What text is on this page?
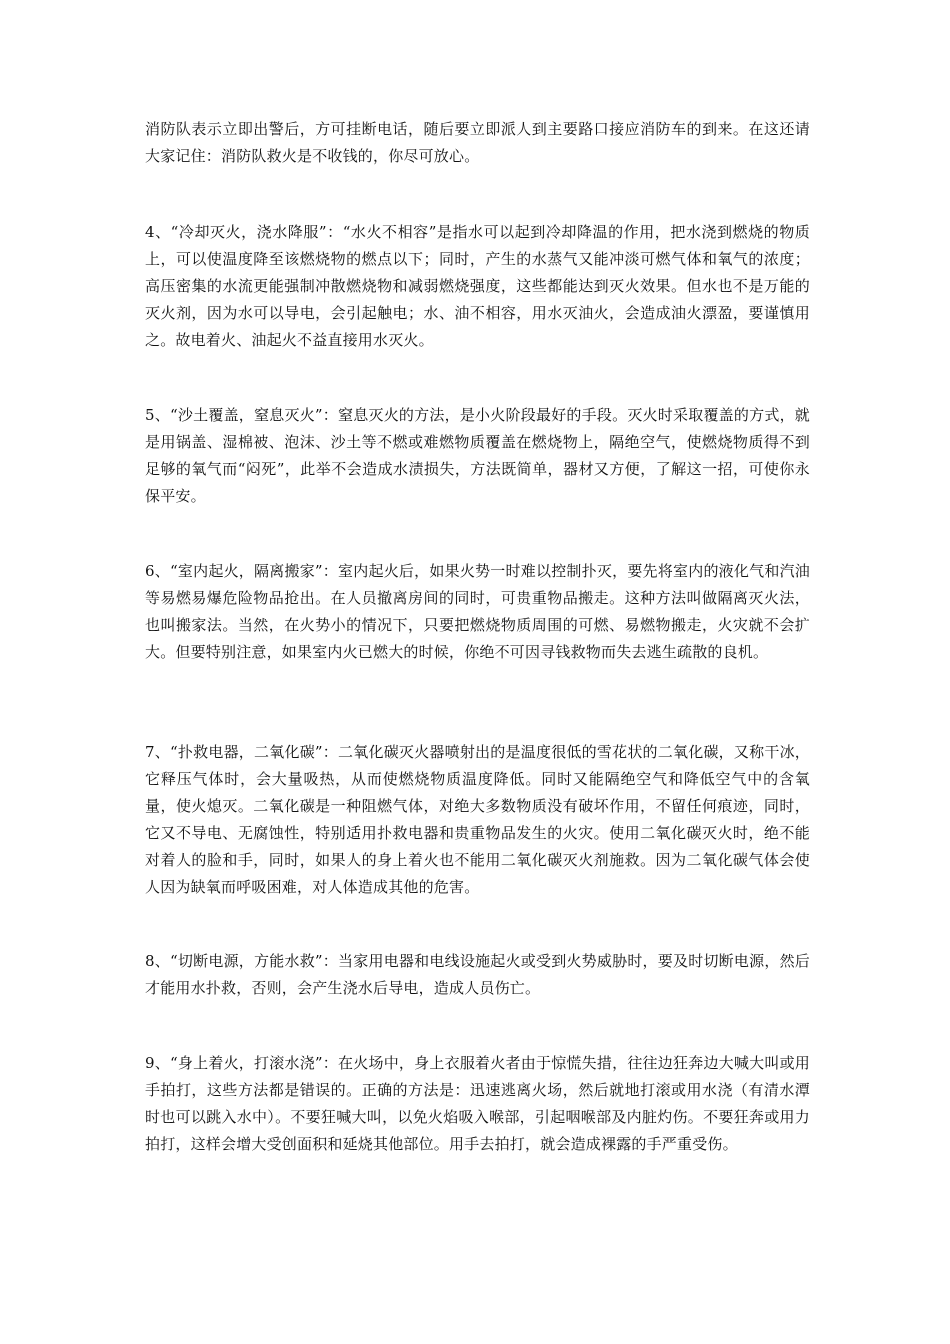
消防队表示立即出警后，方可挂断电话，随后要立即派人到主要路口接应消防车的到来。在这还请大家记住：消防队救火是不收钱的，你尽可放心。

4、“冷却灭火，浇水降服”：“水火不相容”是指水可以起到冷却降温的作用，把水浇到燃烧的物质上，可以使温度降至该燃烧物的燃点以下；同时，产生的水蒸气又能冲淡可燃气体和氧气的浓度；高压密集的水流更能强制冲散燃烧物和减弱燃烧强度，这些都能达到灭火效果。但水也不是万能的灭火剂，因为水可以导电，会引起触电；水、油不相容，用水灭油火，会造成油火漂盈，要谨慎用之。故电着火、油起火不益直接用水灭火。

5、“沙土覆盖，窒息灭火”：窒息灭火的方法，是小火阶段最好的手段。灭火时采取覆盖的方式，就是用锅盖、湿棉被、泡沫、沙土等不燃或难燃物质覆盖在燃烧物上，隔绝空气，使燃烧物质得不到足够的氧气而“闷死”，此举不会造成水渍损失，方法既简单，器材又方便，了解这一招，可使你永保平安。

6、“室内起火，隔离搬家”：室内起火后，如果火势一时难以控制扑灭，要先将室内的液化气和汽油等易燃易爆危险物品抢出。在人员撤离房间的同时，可贵重物品搬走。这种方法叫做隔离灭火法，也叫搬家法。当然，在火势小的情况下，只要把燃烧物质周围的可燃、易燃物搬走，火灾就不会扩大。但要特别注意，如果室内火已燃大的时候，你绝不可因寻钱救物而失去逃生疏散的良机。

7、“扑救电器，二氧化碳”：二氧化碳灭火器喷射出的是温度很低的雪花状的二氧化碳，又称干冰，它释压气体时，会大量吸热，从而使燃烧物质温度降低。同时又能隔绝空气和降低空气中的含氧量，使火熄灭。二氧化碳是一种阻燃气体，对绝大多数物质没有破坏作用，不留任何痕迹，同时，它又不导电、无腐蚀性，特别适用扑救电器和贵重物品发生的火灾。使用二氧化碳灭火时，绝不能对着人的脸和手，同时，如果人的身上着火也不能用二氧化碳灭火剂施救。因为二氧化碳气体会使人因为缺氧而呼吸困难，对人体造成其他的危害。

8、“切断电源，方能水救”：当家用电器和电线设施起火或受到火势威胁时，要及时切断电源，然后才能用水扑救，否则，会产生浇水后导电，造成人员伤亡。

9、“身上着火，打滚水浇”：在火场中，身上衣服着火者由于惊慌失措，往往边狂奔边大喊大叫或用手拍打，这些方法都是错误的。正确的方法是：迅速逃离火场，然后就地打滚或用水浇（有清水潭时也可以跳入水中）。不要狂喊大叫，以免火焰吸入喉部，引起咽喉部及内脏灼伤。不要狂奔或用力拍打，这样会增大受创面积和延烧其他部位。用手去拍打，就会造成裸露的手严重受伤。
